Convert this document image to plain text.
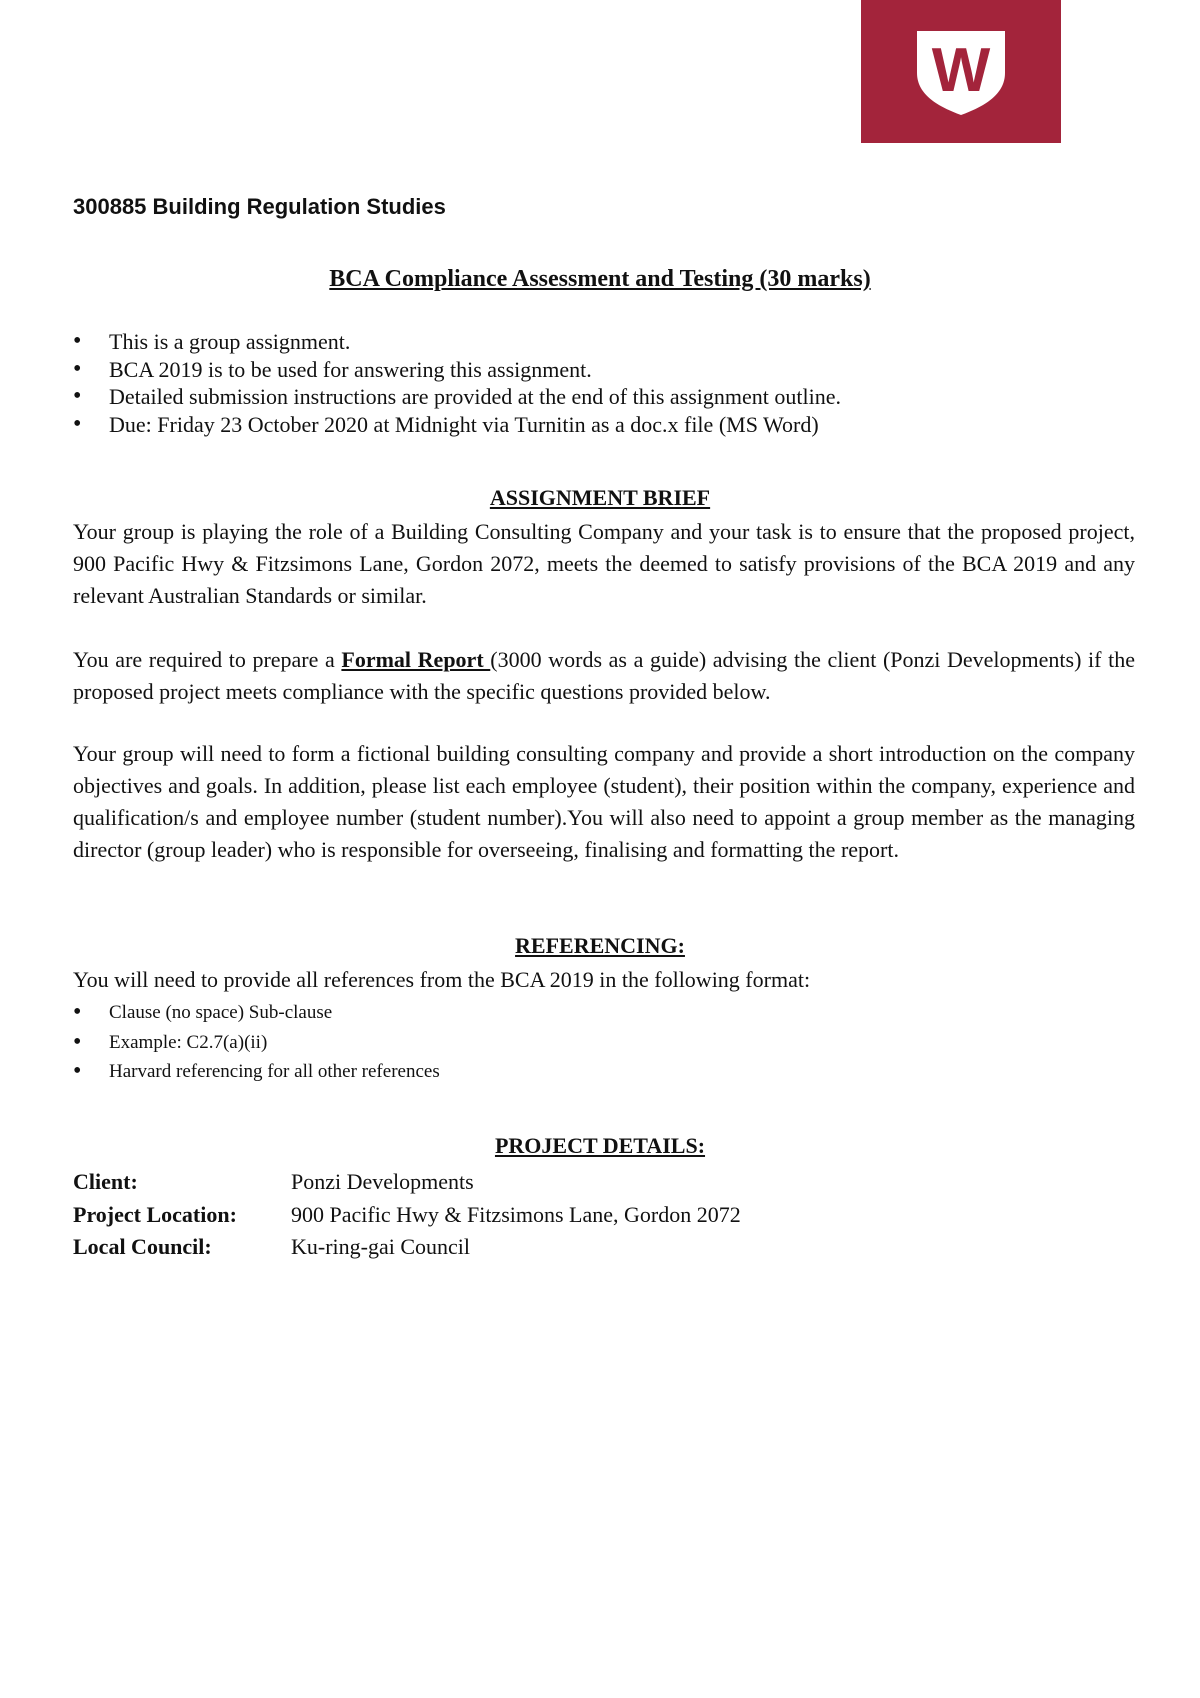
W
300885 Building Regulation Studies
BCA Compliance Assessment and Testing (30 marks)
• This is a group assignment.
• BCA 2019 is to be used for answering this assignment.
• Detailed submission instructions are provided at the end of this assignment outline.
• Due: Friday 23 October 2020 at Midnight via Turnitin as a doc.x file (MS Word)
ASSIGNMENT BRIEF

Your group is playing the role of a Building Consulting Company and your task is to ensure that the proposed project, 900 Pacific Hwy & Fitzsimons Lane, Gordon 2072, meets the deemed to satisfy provisions of the BCA 2019 and any relevant Australian Standards or similar.

You are required to prepare a Formal Report (3000 words as a guide) advising the client (Ponzi Developments) if the proposed project meets compliance with the specific questions provided below.

Your group will need to form a fictional building consulting company and provide a short introduction on the company objectives and goals. In addition, please list each employee (student), their position within the company, experience and qualification/s and employee number (student number).You will also need to appoint a group member as the managing director (group leader) who is responsible for overseeing, finalising and formatting the report.

REFERENCING:

You will need to provide all references from the BCA 2019 in the following format:

• Clause (no space) Sub-clause
• Example: C2.7(a)(ii)
• Harvard referencing for all other references
PROJECT DETAILS:
Client:	Ponzi Developments
Project Location:	900 Pacific Hwy & Fitzsimons Lane, Gordon 2072
Local Council:	Ku-ring-gai Council
